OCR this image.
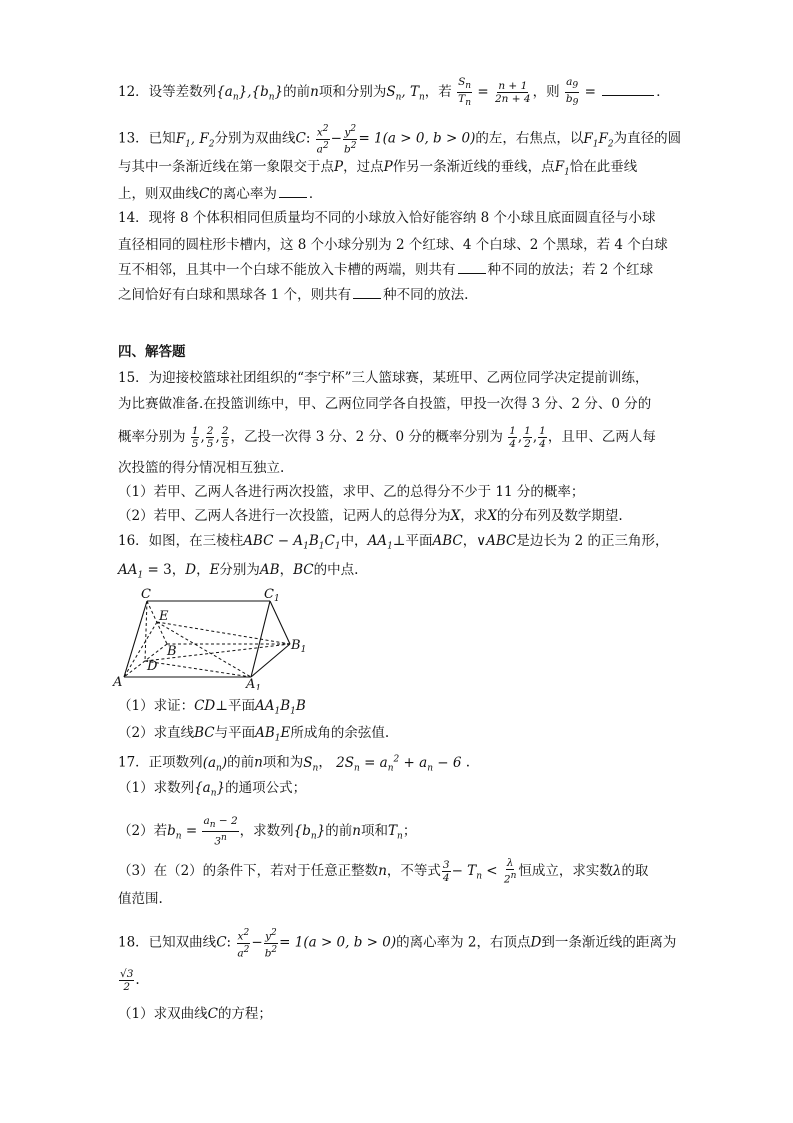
12．设等差数列$\{a_n\},\{b_n\}$的前n项和分别为$S_n$, $T_n$，若 $\frac{S_n}{T_n} = \frac{n + 1}{2n + 4}$ ，则 $\frac{a_9}{b_9}$ =	．
13．已知$F_1$, $F_2$分别为双曲线C: $\frac{x^2}{a^2} - \frac{y^2}{b^2} = 1(a > 0$, b > 0)的左，右焦点，以$F_1F_2$为直径的圆
与其中一条渐近线在第一象限交于点P，过点P作另一条渐近线的垂线，点$F_1$恰在此垂线
上，则双曲线C的离心率为 ．
14．现将 8 个体积相同但质量均不同的小球放入恰好能容纳 8 个小球且底面圆直径与小球
直径相同的圆柱形卡槽内，这 8 个小球分别为 2 个红球、4 个白球、2 个黑球，若 4 个白球
互不相邻，且其中一个白球不能放入卡槽的两端，则共有 种不同的放法；若 2 个红球
之间恰好有白球和黑球各 1 个，则共有 种不同的放法.
四、解答题
15．为迎接校篮球社团组织的“李宁杯”三人篮球赛，某班甲、乙两位同学决定提前训练，
为比赛做准备.在投篮训练中，甲、乙两位同学各自投篮，甲投一次得 3 分、2 分、0 分的
概率分别为 $\frac{1}{5}$ , $\frac{2}{5}$ , $\frac{2}{5}$ ，乙投一次得 3 分、2 分、0 分的概率分别为 $\frac{1}{4}$ , $\frac{1}{2}$ , $\frac{1}{4}$ ，且甲、乙两人每
次投篮的得分情况相互独立.
（1）若甲、乙两人各进行两次投篮，求甲、乙的总得分不少于 11 分的概率；
（2）若甲、乙两人各进行一次投篮，记两人的总得分为X，求X的分布列及数学期望.
16．如图，在三棱柱ABC − $A_1B_1C_1$中，$AA_1\perp$平面ABC，∨ABC是边长为 2 的正三角形，
$AA_1 = 3$，D，E分别为AB，BC的中点.
C	$C_1$
E
B	$B_1$
D
A	$A_1$
（1）求证：CD⊥平面$AA_1B_1B$
（2）求直线BC与平面$AB_1E$所成角的余弦值.
17．正项数列$(a_n)$的前n项和为$S_n$， $2S_n = a_n^2 + a_n - 6$ .
（1）求数列$\{a_n\}$的通项公式；
（2）若$b_n = \frac{a_n - 2}{3^n}$ ，求数列$\{b_n\}$的前n项和$T_n$；
（3）在（2）的条件下，若对于任意正整数n，不等式 $\frac{3}{4} - T_n < \frac{\lambda}{2^n}$ 恒成立，求实数λ的取
值范围.
18．已知双曲线C: $\frac{x^2}{a^2} - \frac{y^2}{b^2} = 1(a > 0$, b > 0)的离心率为 2，右顶点D到一条渐近线的距离为
$\frac{√3}{2}$ .
（1）求双曲线C的方程；
